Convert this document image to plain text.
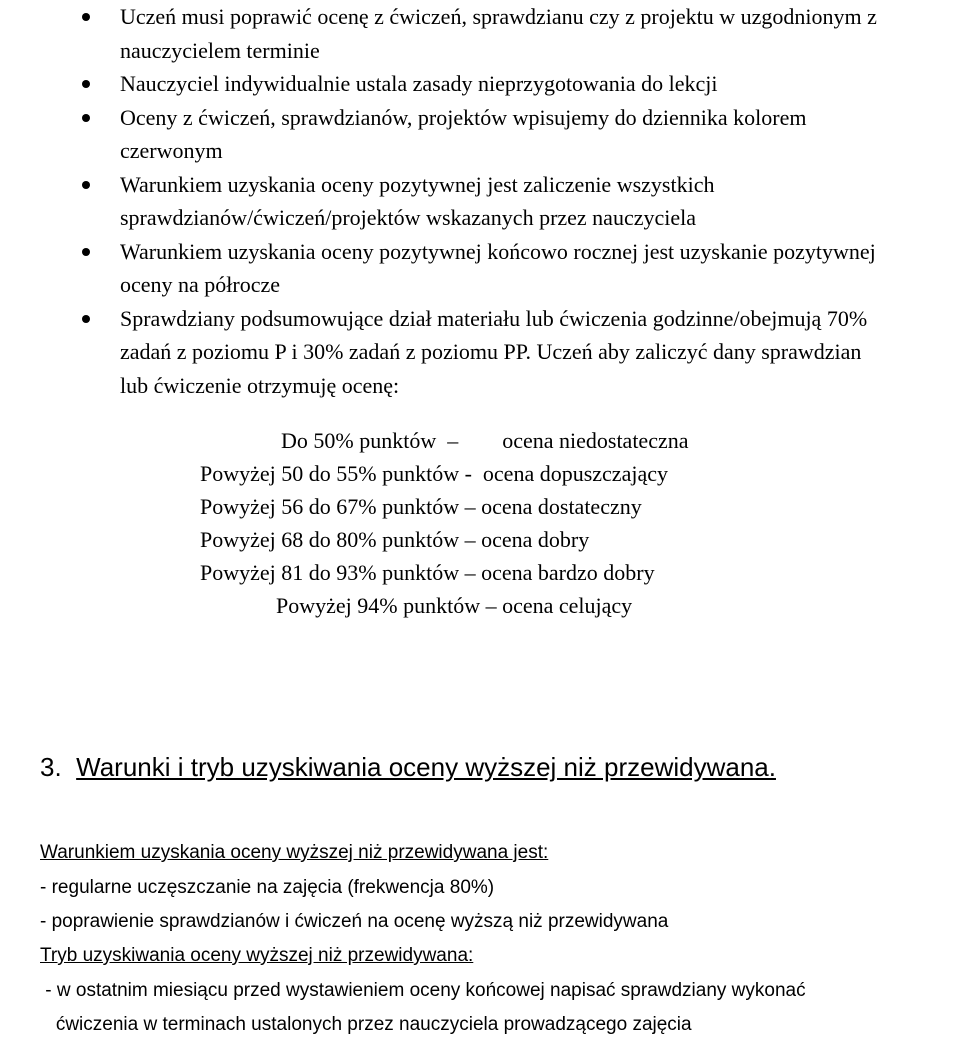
Uczeń musi poprawić ocenę z ćwiczeń, sprawdzianu czy z projektu w uzgodnionym z
nauczycielem terminie
Nauczyciel indywidualnie ustala zasady nieprzygotowania do lekcji
Oceny z ćwiczeń, sprawdzianów, projektów wpisujemy do dziennika kolorem
czerwonym
Warunkiem uzyskania oceny pozytywnej jest zaliczenie wszystkich
sprawdzianów/ćwiczeń/projektów wskazanych przez nauczyciela
Warunkiem uzyskania oceny pozytywnej końcowo rocznej jest uzyskanie pozytywnej
oceny na półrocze
Sprawdziany podsumowujące dział materiału lub ćwiczenia godzinne/obejmują 70%
zadań z poziomu P i 30% zadań z poziomu PP. Uczeń aby zaliczyć dany sprawdzian
lub ćwiczenie otrzymuję ocenę:
Do 50% punktów  –        ocena niedostateczna
Powyżej 50 do 55% punktów -  ocena dopuszczający
Powyżej 56 do 67% punktów – ocena dostateczny
Powyżej 68 do 80% punktów – ocena dobry
Powyżej 81 do 93% punktów – ocena bardzo dobry
Powyżej 94% punktów – ocena celujący
3. Warunki i tryb uzyskiwania oceny wyższej niż przewidywana.
Warunkiem uzyskania oceny wyższej niż przewidywana jest:
- regularne uczęszczanie na zajęcia (frekwencja 80%)
- poprawienie sprawdzianów i ćwiczeń na ocenę wyższą niż przewidywana
Tryb uzyskiwania oceny wyższej niż przewidywana:
- w ostatnim miesiącu przed wystawieniem oceny końcowej napisać sprawdziany wykonać
ćwiczenia w terminach ustalonych przez nauczyciela prowadzącego zajęcia
